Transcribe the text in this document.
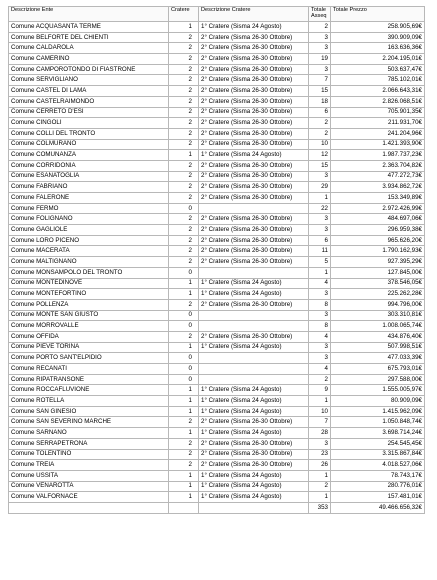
Descrizione Ente	Cratere	Descrizione Cratere	Totale Asseq	Totale Prezzo
Comune ACQUASANTA TERME	1	1° Cratere (Sisma 24 Agosto)	2	258.905,69€
Comune BELFORTE DEL CHIENTI	2	2° Cratere (Sisma 26-30 Ottobre)	3	390.909,09€
Comune CALDAROLA	2	2° Cratere (Sisma 26-30 Ottobre)	3	163.636,36€
Comune CAMERINO	2	2° Cratere (Sisma 26-30 Ottobre)	19	2.204.195,01€
Comune CAMPOROTONDO DI FIASTRONE	2	2° Cratere (Sisma 26-30 Ottobre)	3	503.637,47€
Comune SERVIGLIANO	2	2° Cratere (Sisma 26-30 Ottobre)	7	785.102,01€
Comune CASTEL DI LAMA	2	2° Cratere (Sisma 26-30 Ottobre)	15	2.066.643,31€
Comune CASTELRAIMONDO	2	2° Cratere (Sisma 26-30 Ottobre)	18	2.826.068,51€
Comune CERRETO D'ESI	2	2° Cratere (Sisma 26-30 Ottobre)	6	705.901,35€
Comune CINGOLI	2	2° Cratere (Sisma 26-30 Ottobre)	2	211.931,70€
Comune COLLI DEL TRONTO	2	2° Cratere (Sisma 26-30 Ottobre)	2	241.204,96€
Comune COLMURANO	2	2° Cratere (Sisma 26-30 Ottobre)	10	1.421.393,90€
Comune COMUNANZA	1	1° Cratere (Sisma 24 Agosto)	12	1.987.737,23€
Comune CORRIDONIA	2	2° Cratere (Sisma 26-30 Ottobre)	15	2.363.704,82€
Comune ESANATOGLIA	2	2° Cratere (Sisma 26-30 Ottobre)	3	477.272,73€
Comune FABRIANO	2	2° Cratere (Sisma 26-30 Ottobre)	29	3.934.862,72€
Comune FALERONE	2	2° Cratere (Sisma 26-30 Ottobre)	1	153.349,89€
Comune FERMO	0		22	2.972.426,99€
Comune FOLIGNANO	2	2° Cratere (Sisma 26-30 Ottobre)	3	484.697,06€
Comune GAGLIOLE	2	2° Cratere (Sisma 26-30 Ottobre)	3	296.959,38€
Comune LORO PICENO	2	2° Cratere (Sisma 26-30 Ottobre)	6	965.626,20€
Comune MACERATA	2	2° Cratere (Sisma 26-30 Ottobre)	11	1.790.162,93€
Comune MALTIGNANO	2	2° Cratere (Sisma 26-30 Ottobre)	5	927.395,29€
Comune MONSAMPOLO DEL TRONTO	0		1	127.845,00€
Comune MONTEDINOVE	1	1° Cratere (Sisma 24 Agosto)	4	378.546,05€
Comune MONTEFORTINO	1	1° Cratere (Sisma 24 Agosto)	3	225.262,28€
Comune POLLENZA	2	2° Cratere (Sisma 26-30 Ottobre)	8	994.796,00€
Comune MONTE SAN GIUSTO	0		3	303.310,81€
Comune MORROVALLE	0		8	1.008.065,74€
Comune OFFIDA	2	2° Cratere (Sisma 26-30 Ottobre)	4	434.876,40€
Comune PIEVE TORINA	1	1° Cratere (Sisma 24 Agosto)	3	507.998,51€
Comune PORTO SANT'ELPIDIO	0		3	477.033,39€
Comune RECANATI	0		4	675.793,01€
Comune RIPATRANSONE	0		2	297.588,00€
Comune ROCCAFLUVIONE	1	1° Cratere (Sisma 24 Agosto)	9	1.555.005,97€
Comune ROTELLA	1	1° Cratere (Sisma 24 Agosto)	1	80.909,09€
Comune SAN GINESIO	1	1° Cratere (Sisma 24 Agosto)	10	1.415.962,09€
Comune SAN SEVERINO MARCHE	2	2° Cratere (Sisma 26-30 Ottobre)	7	1.050.848,74€
Comune SARNANO	1	1° Cratere (Sisma 24 Agosto)	28	3.698.714,24€
Comune SERRAPETRONA	2	2° Cratere (Sisma 26-30 Ottobre)	3	254.545,45€
Comune TOLENTINO	2	2° Cratere (Sisma 26-30 Ottobre)	23	3.315.867,84€
Comune TREIA	2	2° Cratere (Sisma 26-30 Ottobre)	26	4.018.527,06€
Comune USSITA	1	1° Cratere (Sisma 24 Agosto)	1	78.743,17€
Comune VENAROTTA	1	1° Cratere (Sisma 24 Agosto)	2	280.776,01€
Comune VALFORNACE	1	1° Cratere (Sisma 24 Agosto)	1	157.481,01€
			353	49.466.656,32€
